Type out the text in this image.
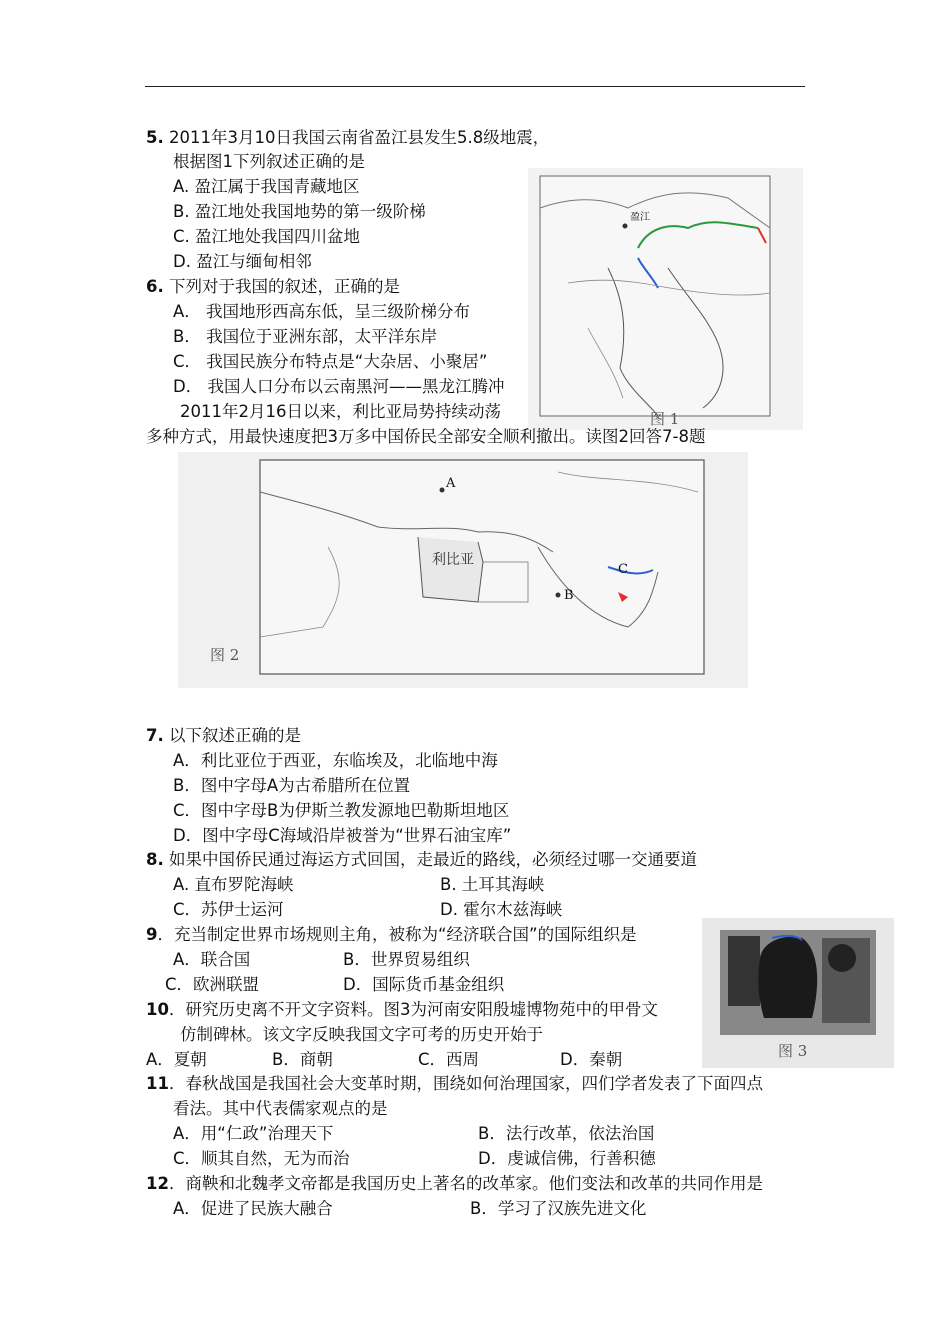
盈江
图 1
A
利比亚
B
C
图 2
图 3
5. 2011年3月10日我国云南省盈江县发生5.8级地震，
根据图1下列叙述正确的是
A. 盈江属于我国青藏地区
B. 盈江地处我国地势的第一级阶梯
C. 盈江地处我国四川盆地
D. 盈江与缅甸相邻
6. 下列对于我国的叙述，正确的是
A． 我国地形西高东低，呈三级阶梯分布
B． 我国位于亚洲东部，太平洋东岸
C． 我国民族分布特点是“大杂居、小聚居”
D． 我国人口分布以云南黑河——黑龙江腾冲
2011年2月16日以来，利比亚局势持续动荡
多种方式，用最快速度把3万多中国侨民全部安全顺利撤出。读图2回答7-8题
7. 以下叙述正确的是
A．利比亚位于西亚，东临埃及，北临地中海
B．图中字母A为古希腊所在位置
C．图中字母B为伊斯兰教发源地巴勒斯坦地区
D．图中字母C海域沿岸被誉为“世界石油宝库”
8. 如果中国侨民通过海运方式回国，走最近的路线，必须经过哪一交通要道
A. 直布罗陀海峡	B. 土耳其海峡
C．苏伊士运河	D. 霍尔木兹海峡
9．充当制定世界市场规则主角，被称为“经济联合国”的国际组织是
A．联合国	B．世界贸易组织
C．欧洲联盟	D．国际货币基金组织
10．研究历史离不开文字资料。图3为河南安阳殷墟博物苑中的甲骨文
仿制碑林。该文字反映我国文字可考的历史开始于
A．夏朝	B．商朝	C．西周	D．秦朝
11．春秋战国是我国社会大变革时期，围绕如何治理国家，四们学者发表了下面四点
看法。其中代表儒家观点的是
A．用“仁政”治理天下	B．法行改革，依法治国
C．顺其自然，无为而治	D．虔诚信佛，行善积德
12．商鞅和北魏孝文帝都是我国历史上著名的改革家。他们变法和改革的共同作用是
A．促进了民族大融合	B．学习了汉族先进文化
